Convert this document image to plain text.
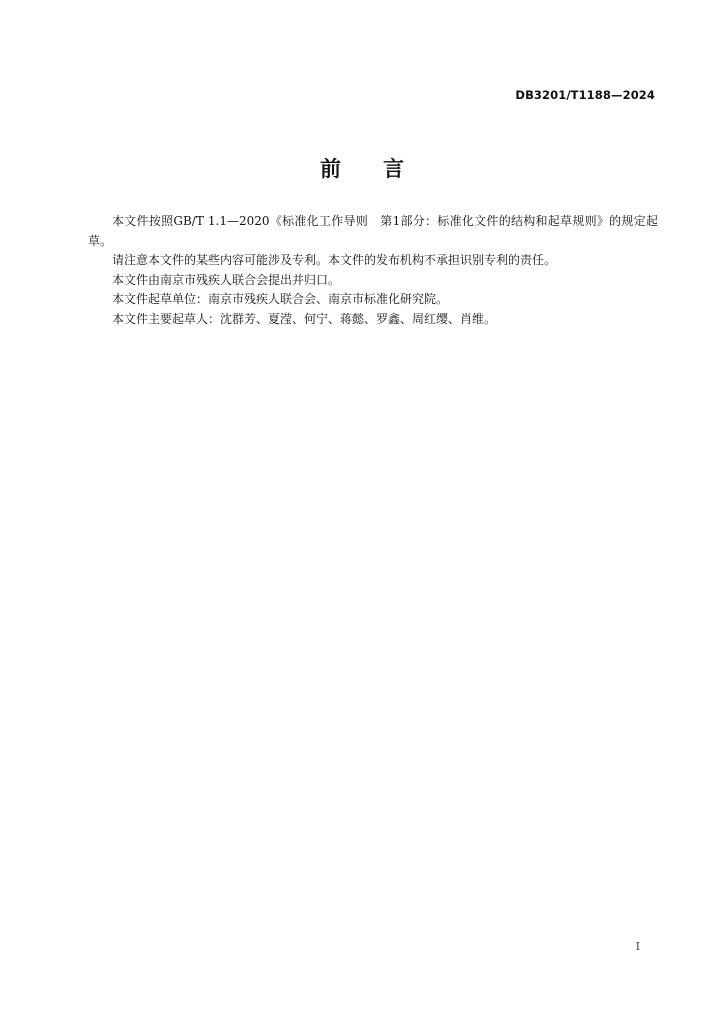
DB3201/T1188—2024
前　　言

本文件按照GB/T 1.1—2020《标准化工作导则　第1部分：标准化文件的结构和起草规则》的规定起草。

请注意本文件的某些内容可能涉及专利。本文件的发布机构不承担识别专利的责任。

本文件由南京市残疾人联合会提出并归口。

本文件起草单位：南京市残疾人联合会、南京市标准化研究院。

本文件主要起草人：沈群芳、夏滢、何宁、蒋懿、罗鑫、周红缨、肖维。

I
